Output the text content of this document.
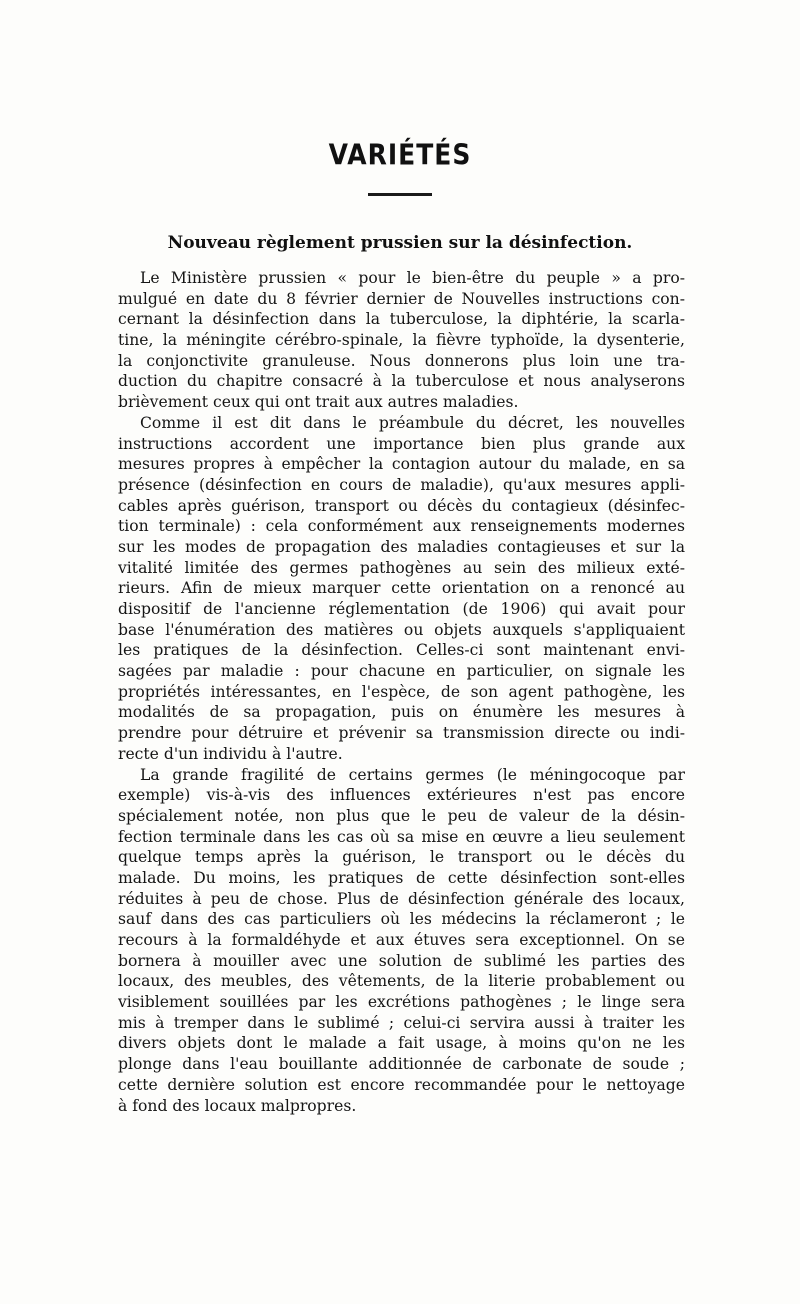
VARIÉTÉS
Nouveau règlement prussien sur la désinfection.
Le Ministère prussien « pour le bien-être du peuple » a pro-
mulgué en date du 8 février dernier de Nouvelles instructions con-
cernant la désinfection dans la tuberculose, la diphtérie, la scarla-
tine, la méningite cérébro-spinale, la fièvre typhoïde, la dysenterie,
la conjonctivite granuleuse. Nous donnerons plus loin une tra-
duction du chapitre consacré à la tuberculose et nous analyserons
brièvement ceux qui ont trait aux autres maladies.
Comme il est dit dans le préambule du décret, les nouvelles
instructions accordent une importance bien plus grande aux
mesures propres à empêcher la contagion autour du malade, en sa
présence (désinfection en cours de maladie), qu'aux mesures appli-
cables après guérison, transport ou décès du contagieux (désinfec-
tion terminale) : cela conformément aux renseignements modernes
sur les modes de propagation des maladies contagieuses et sur la
vitalité limitée des germes pathogènes au sein des milieux exté-
rieurs. Afin de mieux marquer cette orientation on a renoncé au
dispositif de l'ancienne réglementation (de 1906) qui avait pour
base l'énumération des matières ou objets auxquels s'appliquaient
les pratiques de la désinfection. Celles-ci sont maintenant envi-
sagées par maladie : pour chacune en particulier, on signale les
propriétés intéressantes, en l'espèce, de son agent pathogène, les
modalités de sa propagation, puis on énumère les mesures à
prendre pour détruire et prévenir sa transmission directe ou indi-
recte d'un individu à l'autre.
La grande fragilité de certains germes (le méningocoque par
exemple) vis-à-vis des influences extérieures n'est pas encore
spécialement notée, non plus que le peu de valeur de la désin-
fection terminale dans les cas où sa mise en œuvre a lieu seulement
quelque temps après la guérison, le transport ou le décès du
malade. Du moins, les pratiques de cette désinfection sont-elles
réduites à peu de chose. Plus de désinfection générale des locaux,
sauf dans des cas particuliers où les médecins la réclameront ; le
recours à la formaldéhyde et aux étuves sera exceptionnel. On se
bornera à mouiller avec une solution de sublimé les parties des
locaux, des meubles, des vêtements, de la literie probablement ou
visiblement souillées par les excrétions pathogènes ; le linge sera
mis à tremper dans le sublimé ; celui-ci servira aussi à traiter les
divers objets dont le malade a fait usage, à moins qu'on ne les
plonge dans l'eau bouillante additionnée de carbonate de soude ;
cette dernière solution est encore recommandée pour le nettoyage
à fond des locaux malpropres.
